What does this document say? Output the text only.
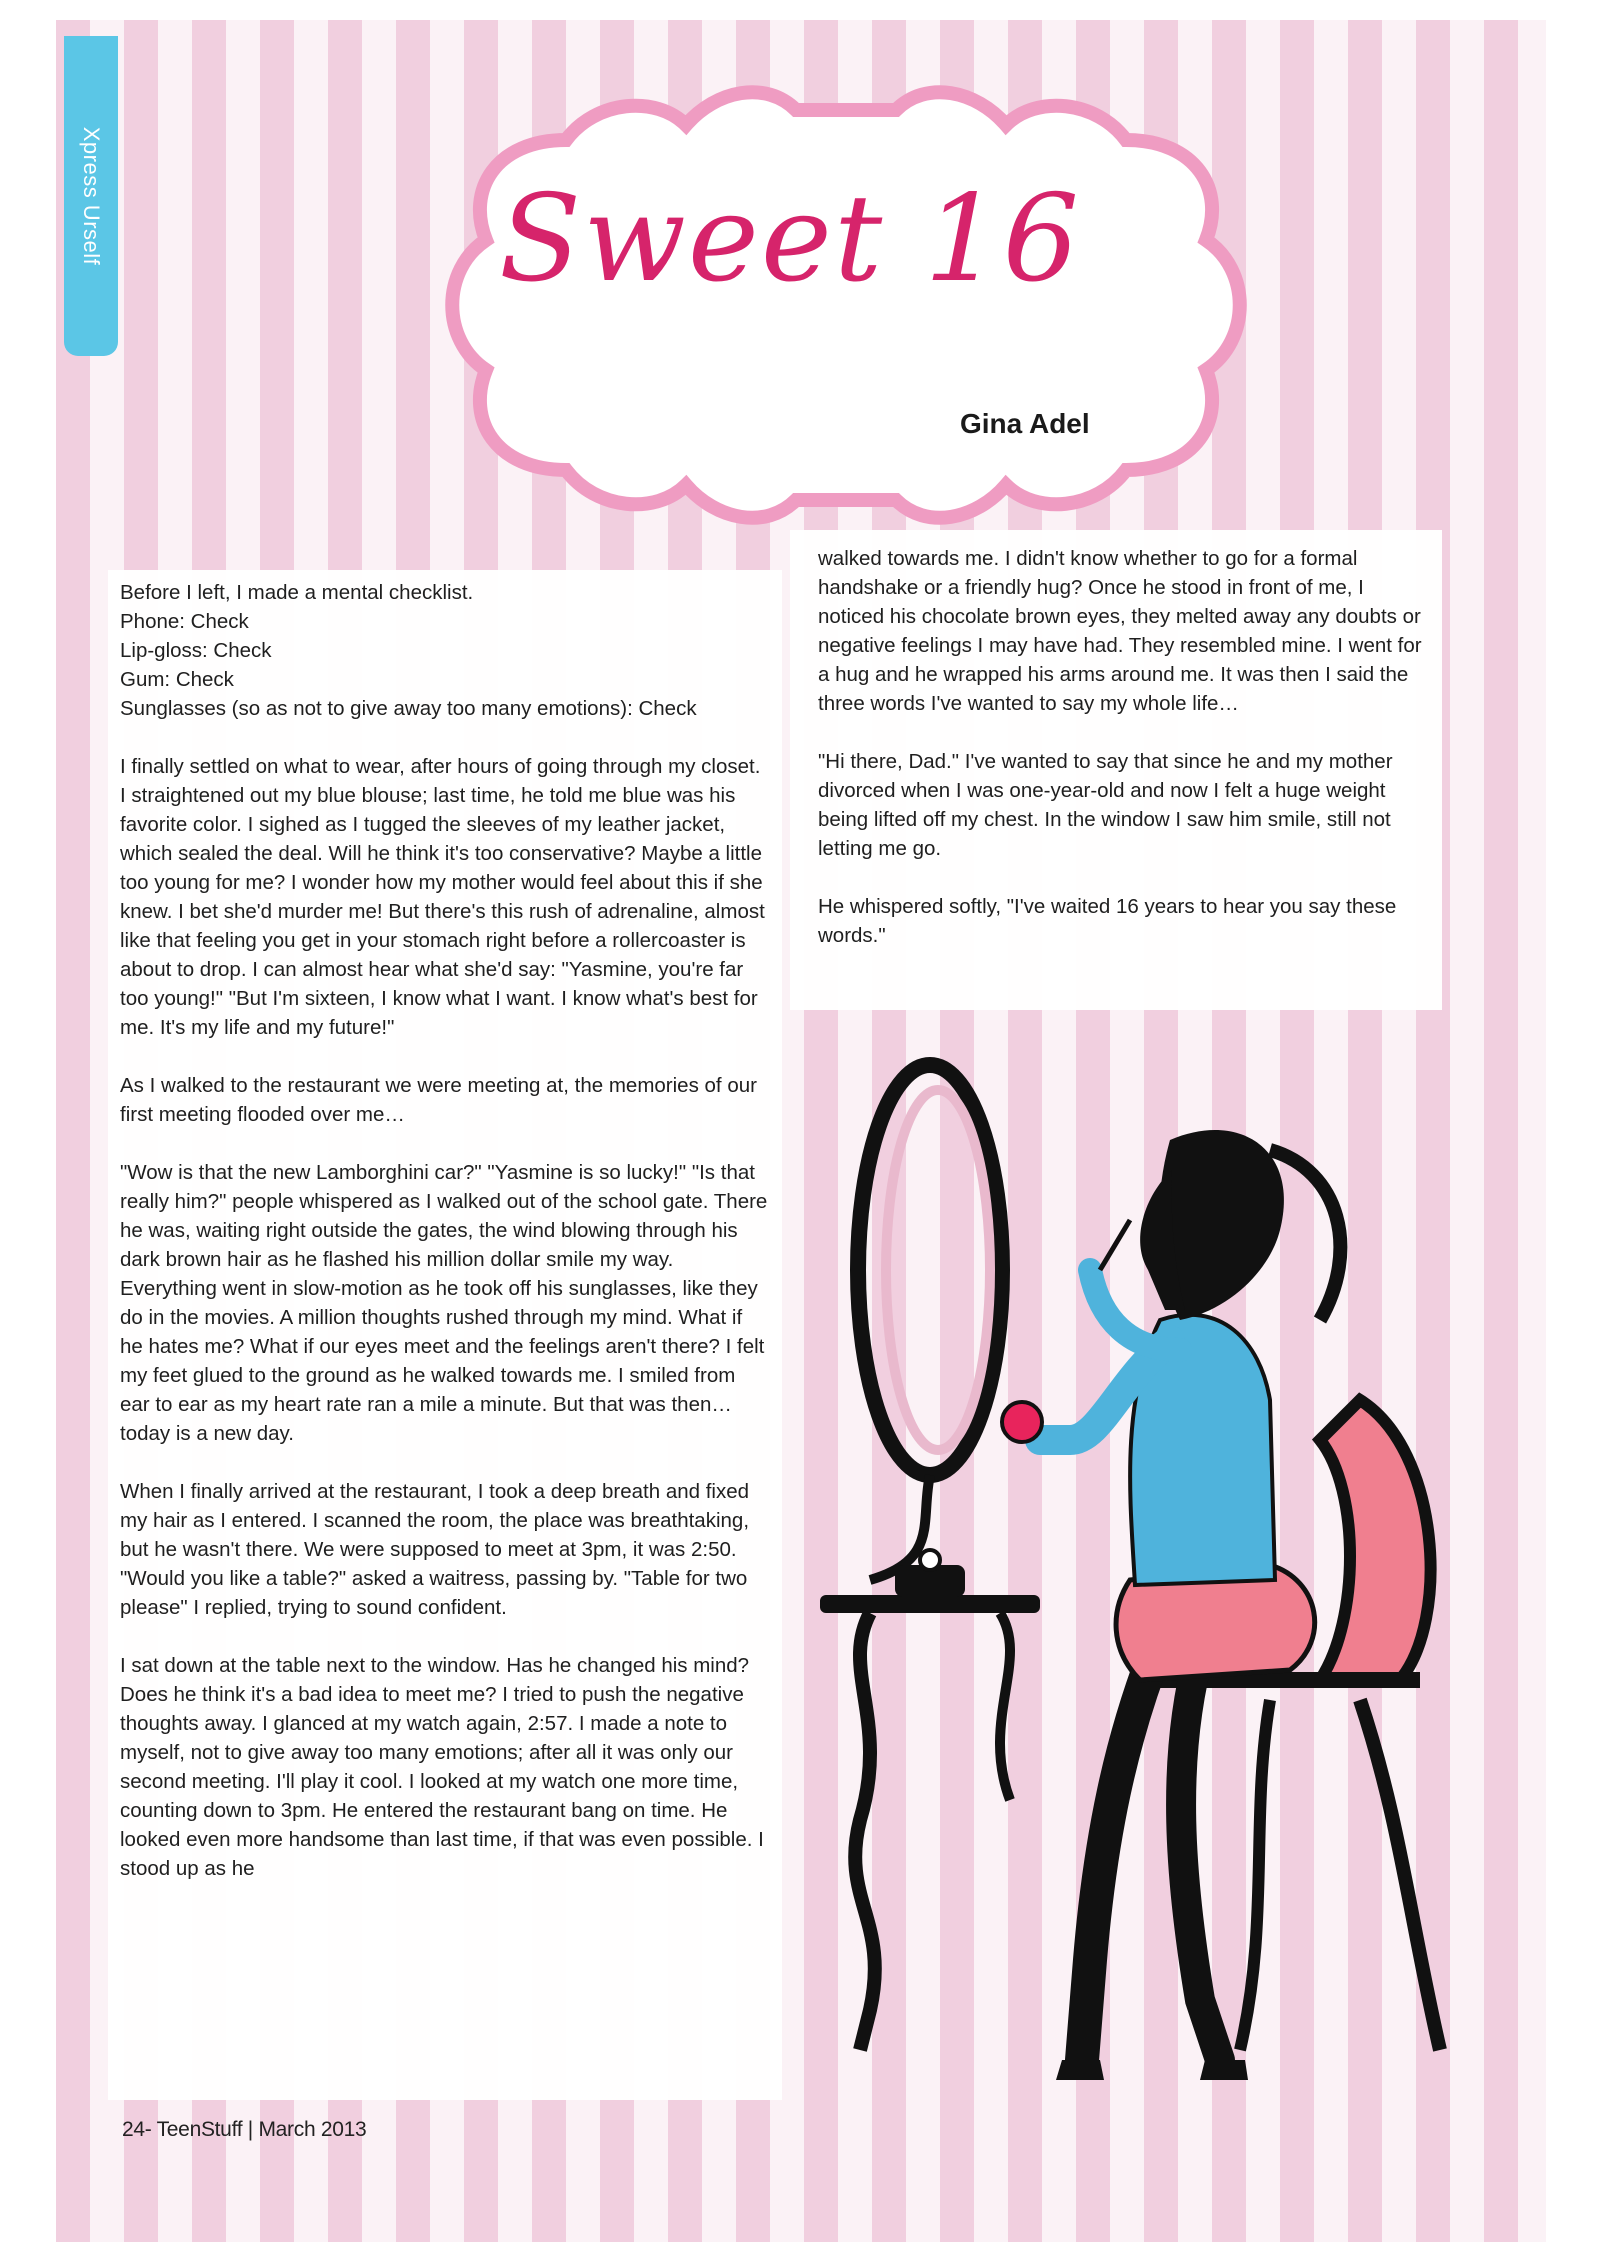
Xpress Urself	Sweet 16
Gina Adel

Before I left, I made a mental checklist.

Phone: Check

Lip-gloss: Check

Gum: Check

Sunglasses (so as not to give away too many emotions): Check

I finally settled on what to wear, after hours of going through my closet. I straightened out my blue blouse; last time, he told me blue was his favorite color. I sighed as I tugged the sleeves of my leather jacket, which sealed the deal. Will he think it's too conservative? Maybe a little too young for me? I wonder how my mother would feel about this if she knew. I bet she'd murder me! But there's this rush of adrenaline, almost like that feeling you get in your stomach right before a rollercoaster is about to drop. I can almost hear what she'd say: "Yasmine, you're far too young!" "But I'm sixteen, I know what I want. I know what's best for me. It's my life and my future!"

As I walked to the restaurant we were meeting at, the memories of our first meeting flooded over me…

"Wow is that the new Lamborghini car?" "Yasmine is so lucky!" "Is that really him?" people whispered as I walked out of the school gate. There he was, waiting right outside the gates, the wind blowing through his dark brown hair as he flashed his million dollar smile my way. Everything went in slow-motion as he took off his sunglasses, like they do in the movies. A million thoughts rushed through my mind. What if he hates me? What if our eyes meet and the feelings aren't there? I felt my feet glued to the ground as he walked towards me. I smiled from ear to ear as my heart rate ran a mile a minute. But that was then… today is a new day.

When I finally arrived at the restaurant, I took a deep breath and fixed my hair as I entered. I scanned the room, the place was breathtaking, but he wasn't there. We were supposed to meet at 3pm, it was 2:50. "Would you like a table?" asked a waitress, passing by. "Table for two please" I replied, trying to sound confident.

I sat down at the table next to the window. Has he changed his mind? Does he think it's a bad idea to meet me? I tried to push the negative thoughts away. I glanced at my watch again, 2:57. I made a note to myself, not to give away too many emotions; after all it was only our second meeting. I'll play it cool. I looked at my watch one more time, counting down to 3pm. He entered the restaurant bang on time. He looked even more handsome than last time, if that was even possible. I stood up as he

walked towards me. I didn't know whether to go for a formal handshake or a friendly hug? Once he stood in front of me, I noticed his chocolate brown eyes, they melted away any doubts or negative feelings I may have had. They resembled mine. I went for a hug and he wrapped his arms around me. It was then I said the three words I've wanted to say my whole life…

"Hi there, Dad." I've wanted to say that since he and my mother divorced when I was one-year-old and now I felt a huge weight being lifted off my chest. In the window I saw him smile, still not letting me go.

He whispered softly, "I've waited 16 years to hear you say these words."

24- TeenStuff | March 2013
